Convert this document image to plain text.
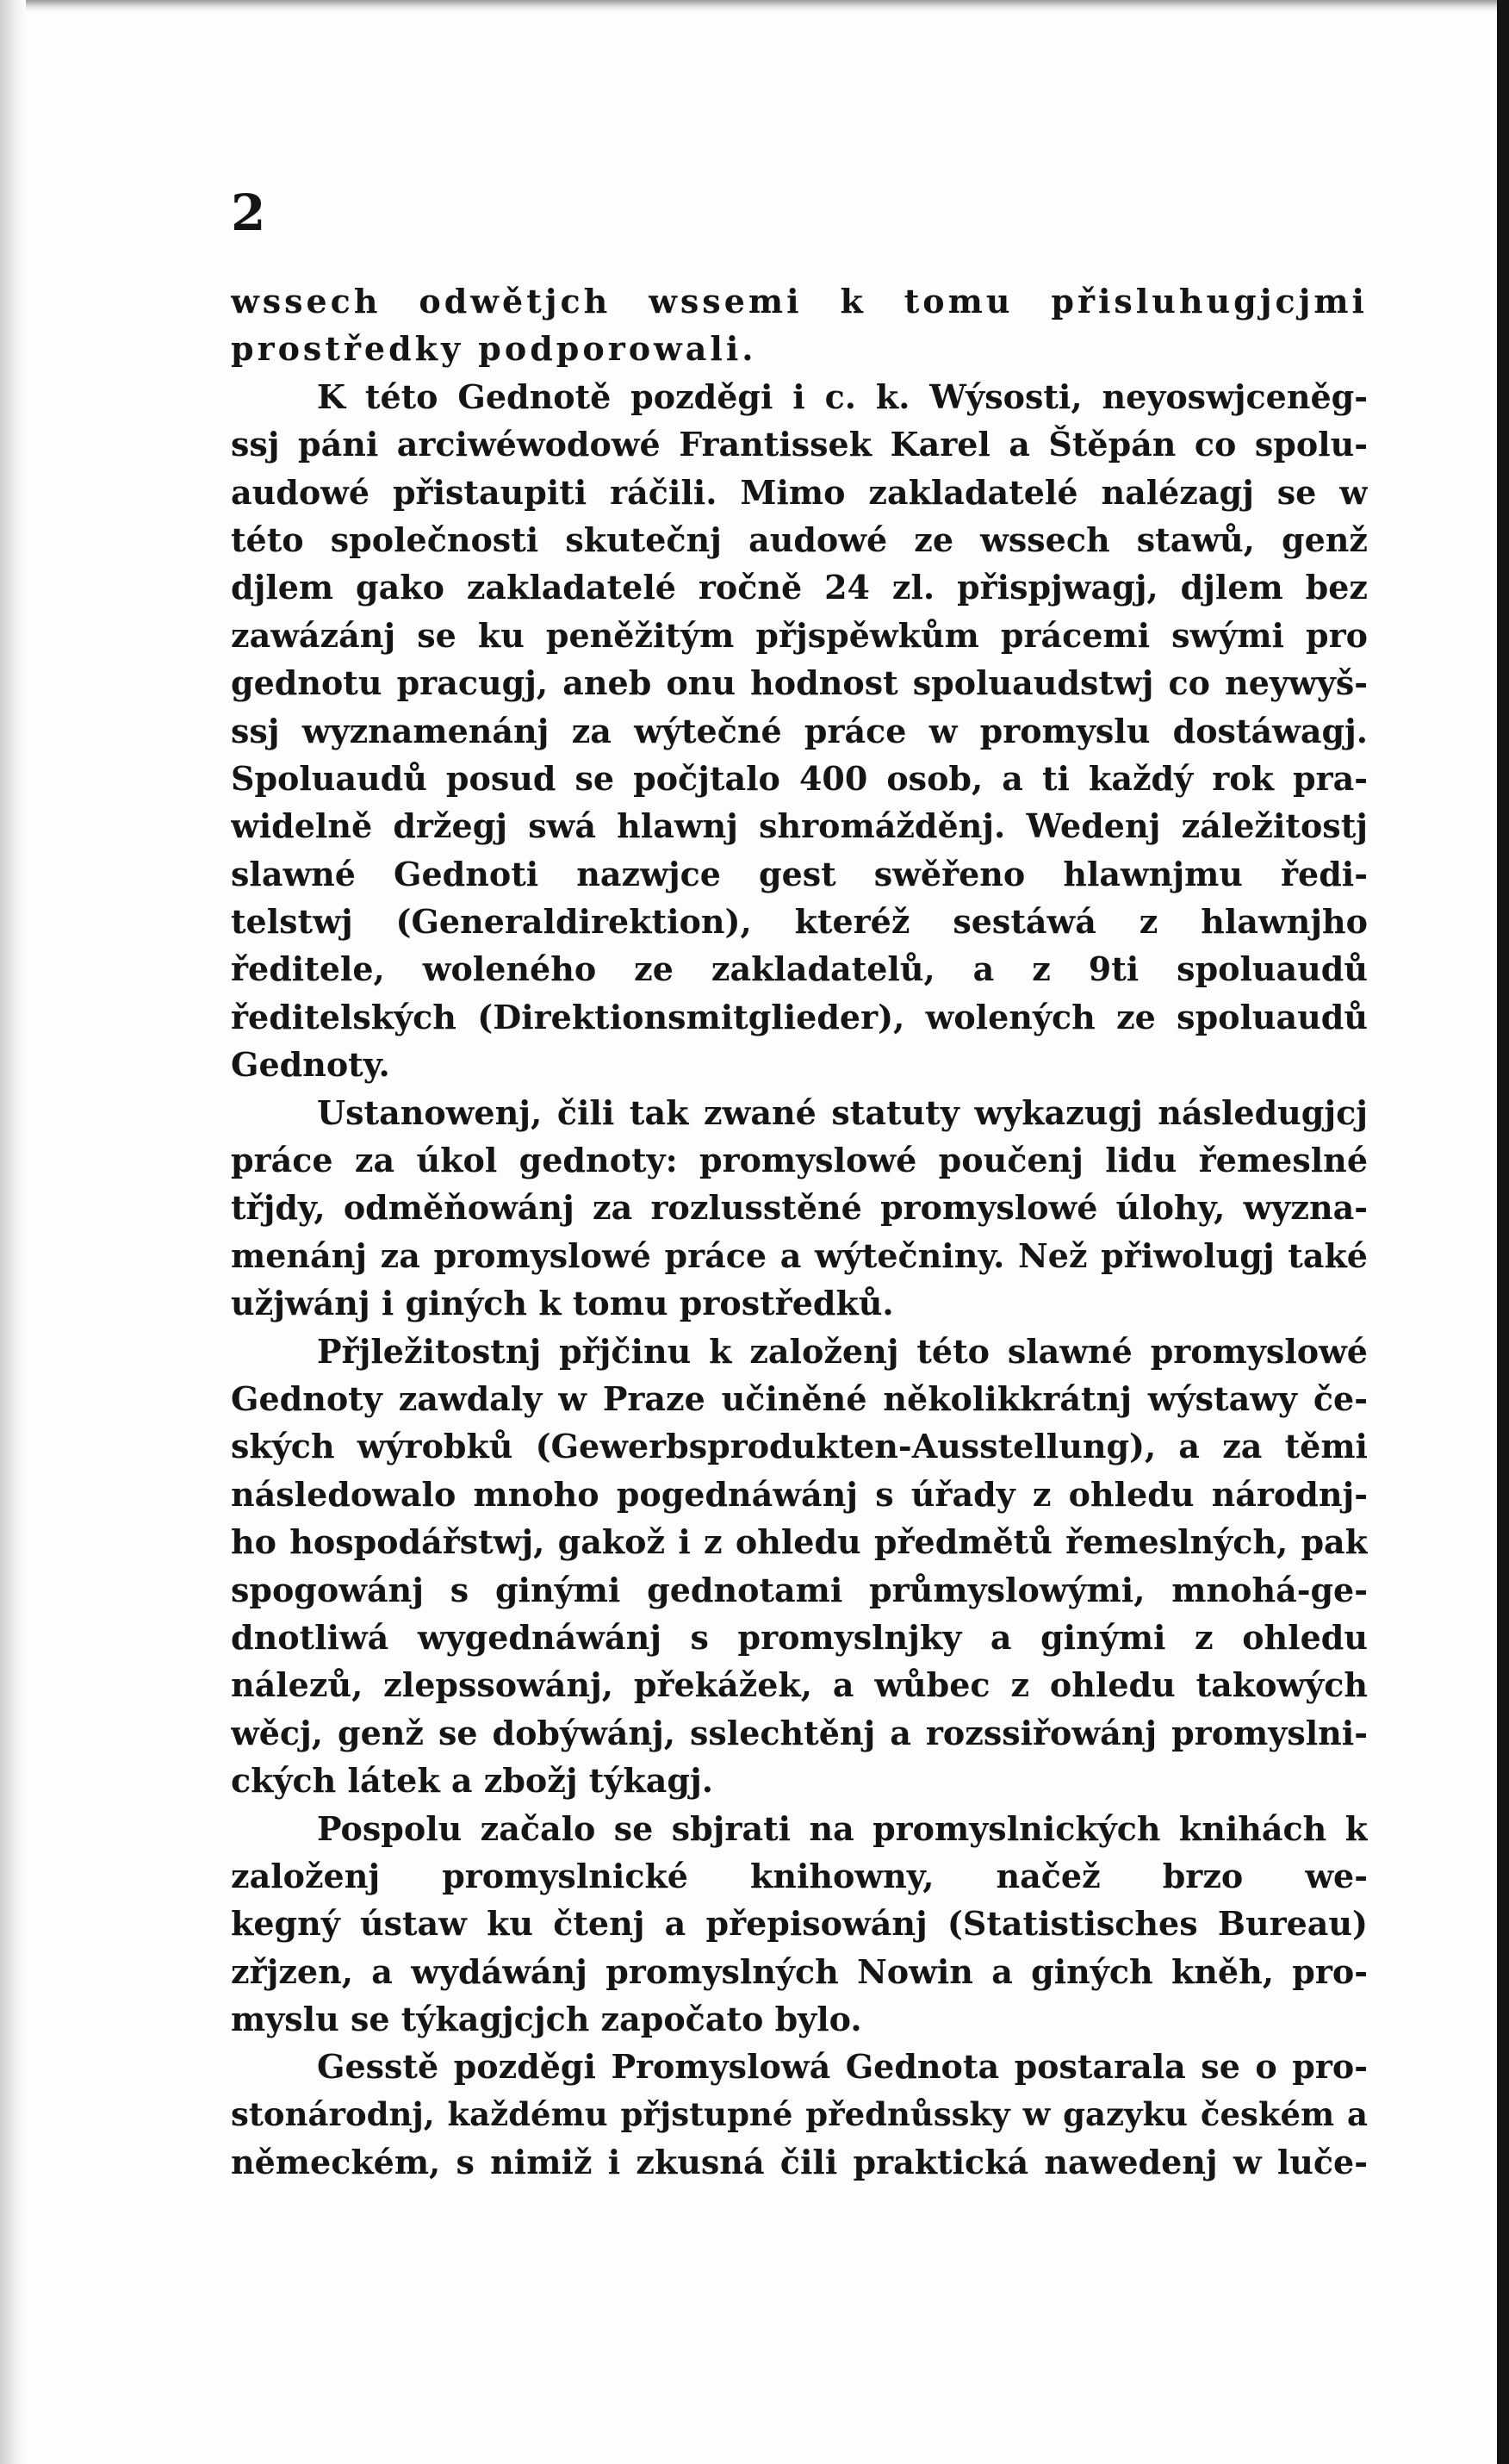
2
wssech odwětjch wssemi k tomu přisluhugjcjmi
prostředky podporowali.
K této Gednotě pozděgi i c. k. Wýsosti, neyoswjceněg-
ssj páni arciwéwodowé Frantissek Karel a Štěpán co spolu-
audowé přistaupiti ráčili. Mimo zakladatelé nalézagj se w
této společnosti skutečnj audowé ze wssech stawů, genž
djlem gako zakladatelé ročně 24 zl. přispjwagj, djlem bez
zawázánj se ku peněžitým přjspěwkům prácemi swými pro
gednotu pracugj, aneb onu hodnost spoluaudstwj co neywyš-
ssj wyznamenánj za wýtečné práce w promyslu dostáwagj.
Spoluaudů posud se počjtalo 400 osob, a ti každý rok pra-
widelně držegj swá hlawnj shromážděnj. Wedenj záležitostj
slawné Gednoti nazwjce gest swěřeno hlawnjmu ředi-
telstwj (Generaldirektion), kteréž sestáwá z hlawnjho
ředitele, woleného ze zakladatelů, a z 9ti spoluaudů
ředitelských (Direktionsmitglieder), wolených ze spoluaudů
Gednoty.
Ustanowenj, čili tak zwané statuty wykazugj následugjcj
práce za úkol gednoty: promyslowé poučenj lidu řemeslné
třjdy, odměňowánj za rozlusstěné promyslowé úlohy, wyzna-
menánj za promyslowé práce a wýtečniny. Než přiwolugj také
užjwánj i giných k tomu prostředků.
Přjležitostnj přjčinu k založenj této slawné promyslowé
Gednoty zawdaly w Praze učiněné několikkrátnj wýstawy če-
ských wýrobků (Gewerbsprodukten-Ausstellung), a za těmi
následowalo mnoho pogednáwánj s úřady z ohledu národnj-
ho hospodářstwj, gakož i z ohledu předmětů řemeslných, pak
spogowánj s ginými gednotami průmyslowými, mnohá-ge-
dnotliwá wygednáwánj s promyslnjky a ginými z ohledu
nálezů, zlepssowánj, překážek, a wůbec z ohledu takowých
wěcj, genž se dobýwánj, sslechtěnj a rozssiřowánj promyslni-
ckých látek a zbožj týkagj.
Pospolu začalo se sbjrati na promyslnických knihách k
založenj promyslnické knihowny, načež brzo we-
kegný ústaw ku čtenj a přepisowánj (Statistisches Bureau)
zřjzen, a wydáwánj promyslných Nowin a giných kněh, pro-
myslu se týkagjcjch započato bylo.
Gesstě pozděgi Promyslowá Gednota postarala se o pro-
stonárodnj, každému přjstupné přednůssky w gazyku českém a
německém, s nimiž i zkusná čili praktická nawedenj w luče-
